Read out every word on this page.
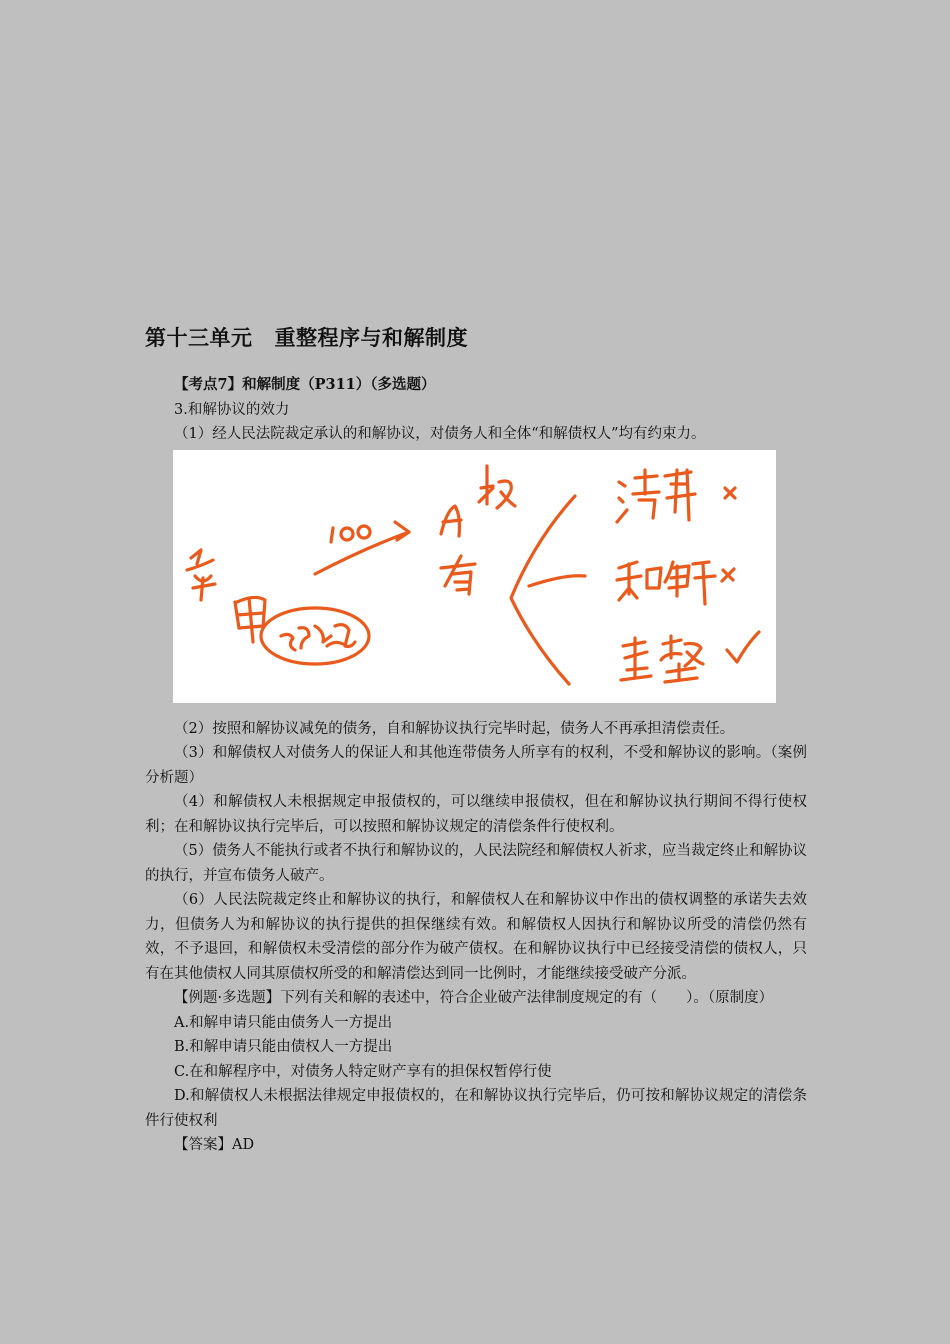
第十三单元 重整程序与和解制度

【考点7】和解制度（P311）（多选题）

3.和解协议的效力

（1）经人民法院裁定承认的和解协议，对债务人和全体“和解债权人”均有约束力。

（2）按照和解协议减免的债务，自和解协议执行完毕时起，债务人不再承担清偿责任。

（3）和解债权人对债务人的保证人和其他连带债务人所享有的权利，不受和解协议的影响。（案例分析题）

（4）和解债权人未根据规定申报债权的，可以继续申报债权，但在和解协议执行期间不得行使权利；在和解协议执行完毕后，可以按照和解协议规定的清偿条件行使权利。

（5）债务人不能执行或者不执行和解协议的，人民法院经和解债权人祈求，应当裁定终止和解协议的执行，并宣布债务人破产。

（6）人民法院裁定终止和解协议的执行，和解债权人在和解协议中作出的债权调整的承诺失去效力，但债务人为和解协议的执行提供的担保继续有效。和解债权人因执行和解协议所受的清偿仍然有效，不予退回，和解债权未受清偿的部分作为破产债权。在和解协议执行中已经接受清偿的债权人，只有在其他债权人同其原债权所受的和解清偿达到同一比例时，才能继续接受破产分派。

【例题·多选题】下列有关和解的表述中，符合企业破产法律制度规定的有（　　）。（原制度）

A.和解申请只能由债务人一方提出

B.和解申请只能由债权人一方提出

C.在和解程序中，对债务人特定财产享有的担保权暂停行使

D.和解债权人未根据法律规定申报债权的，在和解协议执行完毕后，仍可按和解协议规定的清偿条件行使权利

【答案】AD
